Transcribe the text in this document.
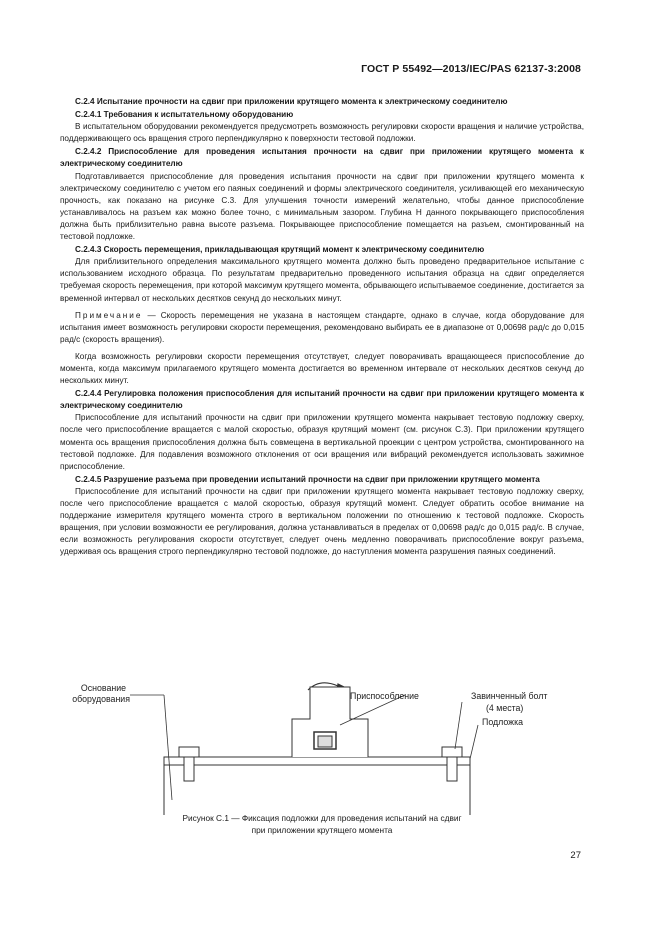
ГОСТ Р 55492—2013/IEC/PAS 62137-3:2008

С.2.4 Испытание прочности на сдвиг при приложении крутящего момента к электрическому соединителю

С.2.4.1 Требования к испытательному оборудованию

В испытательном оборудовании рекомендуется предусмотреть возможность регулировки скорости вращения и наличие устройства, поддерживающего ось вращения строго перпендикулярно к поверхности тестовой подложки.

С.2.4.2 Приспособление для проведения испытания прочности на сдвиг при приложении крутящего момента к электрическому соединителю

Подготавливается приспособление для проведения испытания прочности на сдвиг при приложении крутящего момента к электрическому соединителю с учетом его паяных соединений и формы электрического соединителя, усиливающей его механическую прочность, как показано на рисунке С.3. Для улучшения точности измерений желательно, чтобы данное приспособление устанавливалось на разъем как можно более точно, с минимальным зазором. Глубина H данного покрывающего приспособления должна быть приблизительно равна высоте разъема. Покрывающее приспособление помещается на разъем, смонтированный на тестовой подложке.

С.2.4.3 Скорость перемещения, прикладывающая крутящий момент к электрическому соединителю

Для приблизительного определения максимального крутящего момента должно быть проведено предварительное испытание с использованием исходного образца. По результатам предварительно проведенного испытания образца на сдвиг определяется требуемая скорость перемещения, при которой максимум крутящего момента, обрывающего испытываемое соединение, достигается за временной интервал от нескольких десятков секунд до нескольких минут.

Примечание — Скорость перемещения не указана в настоящем стандарте, однако в случае, когда оборудование для испытания имеет возможность регулировки скорости перемещения, рекомендовано выбирать ее в диапазоне от 0,00698 рад/с до 0,015 рад/с (скорость вращения).

Когда возможность регулировки скорости перемещения отсутствует, следует поворачивать вращающееся приспособление до момента, когда максимум прилагаемого крутящего момента достигается во временном интервале от нескольких десятков секунд до нескольких минут.

С.2.4.4 Регулировка положения приспособления для испытаний прочности на сдвиг при приложении крутящего момента к электрическому соединителю

Приспособление для испытаний прочности на сдвиг при приложении крутящего момента накрывает тестовую подложку сверху, после чего приспособление вращается с малой скоростью, образуя крутящий момент (см. рисунок С.3). При приложении крутящего момента ось вращения приспособления должна быть совмещена в вертикальной проекции с центром устройства, смонтированного на тестовой подложке. Для подавления возможного отклонения от оси вращения или вибраций рекомендуется использовать зажимное приспособление.

С.2.4.5 Разрушение разъема при проведении испытаний прочности на сдвиг при приложении крутящего момента

Приспособление для испытаний прочности на сдвиг при приложении крутящего момента накрывает тестовую подложку сверху, после чего приспособление вращается с малой скоростью, образуя крутящий момент. Следует обратить особое внимание на поддержание измерителя крутящего момента строго в вертикальном положении по отношению к тестовой подложке. Скорость вращения, при условии возможности ее регулирования, должна устанавливаться в пределах от 0,00698 рад/с до 0,015 рад/с. В случае, если возможность регулирования скорости отсутствует, следует очень медленно поворачивать приспособление вокруг разъема, удерживая ось вращения строго перпендикулярно тестовой подложке, до наступления момента разрушения паяных соединений.

Основание
оборудования	Приспособление	Завинченный болт
(4 места)
Подложка
Рисунок С.1 — Фиксация подложки для проведения испытаний на сдвиг
при приложении крутящего момента
27
